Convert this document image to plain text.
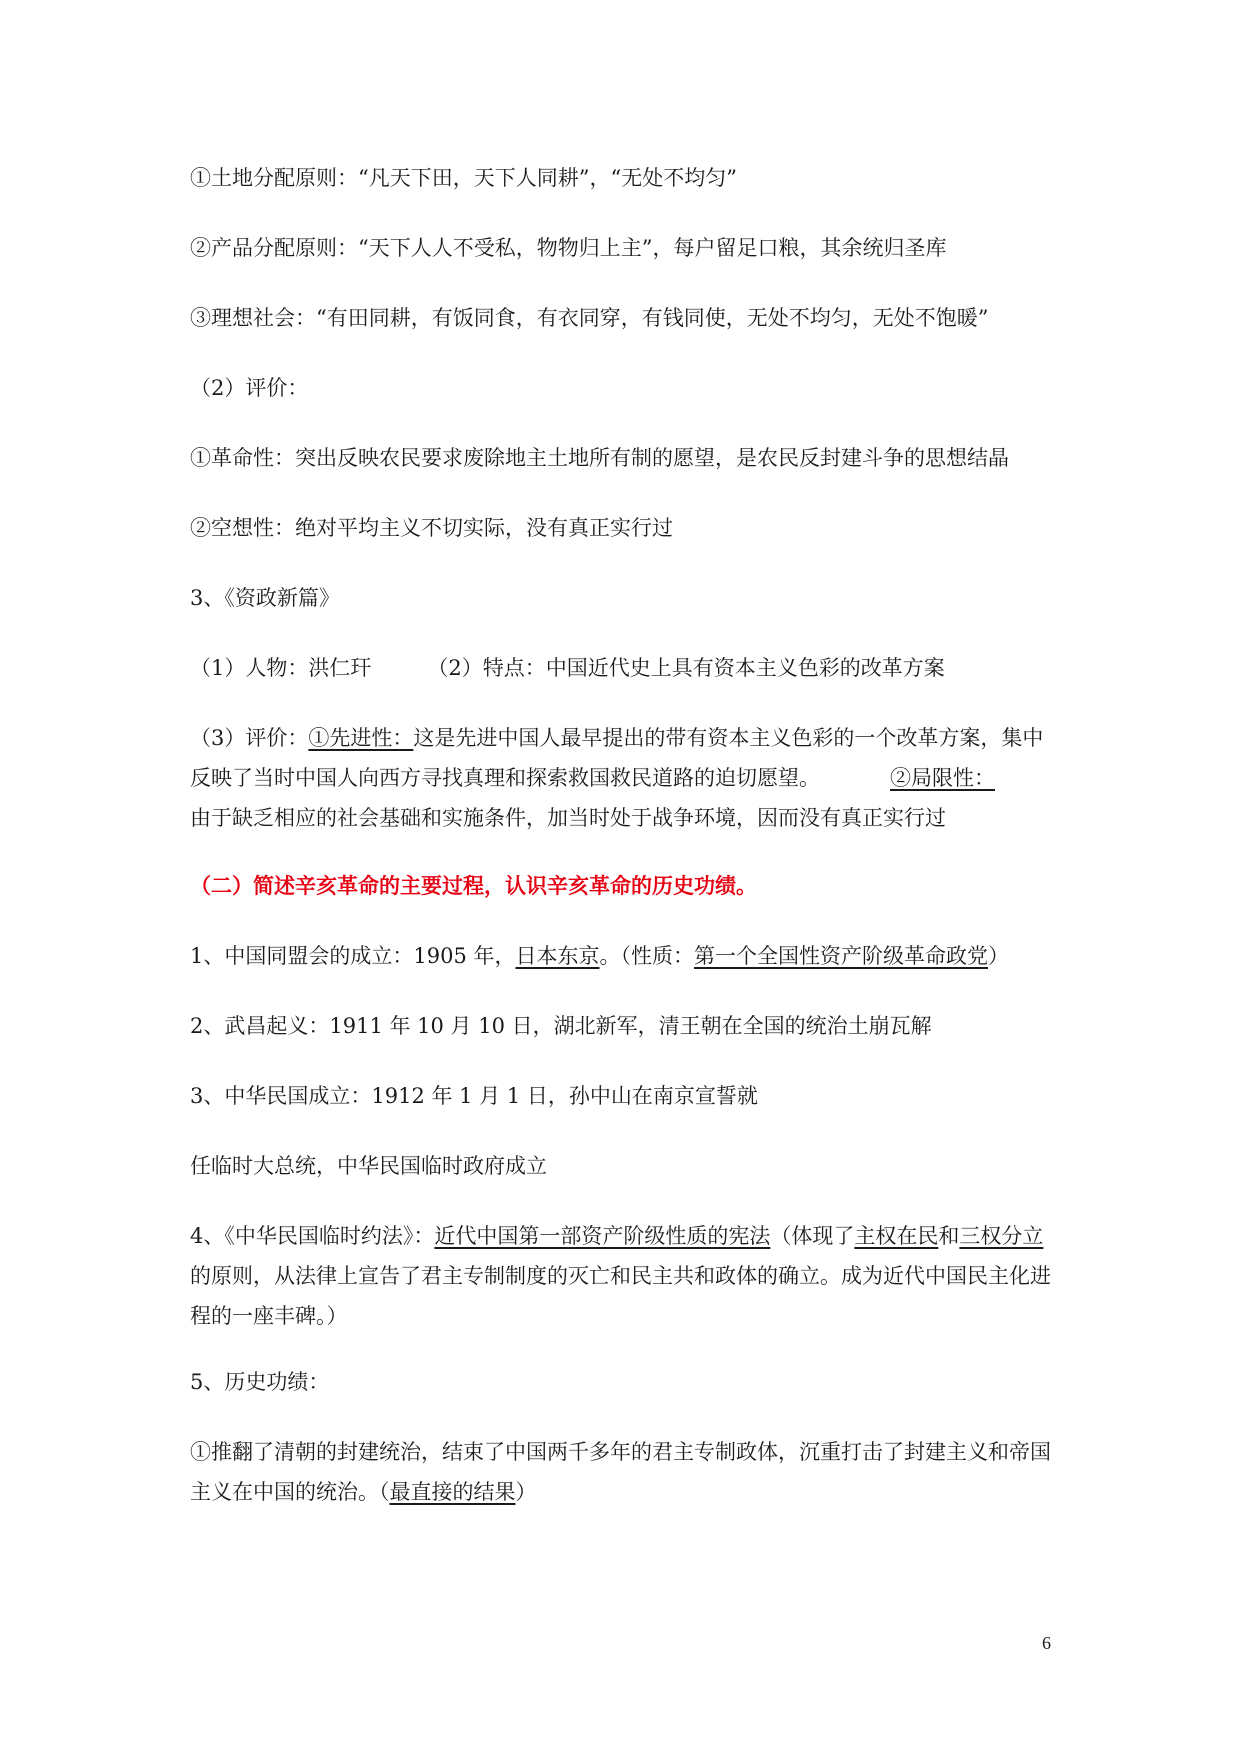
①土地分配原则：“凡天下田，天下人同耕”，“无处不均匀”
②产品分配原则：“天下人人不受私，物物归上主”，每户留足口粮，其余统归圣库
③理想社会：“有田同耕，有饭同食，有衣同穿，有钱同使，无处不均匀，无处不饱暖”
（2）评价：
①革命性：突出反映农民要求废除地主土地所有制的愿望，是农民反封建斗争的思想结晶
②空想性：绝对平均主义不切实际，没有真正实行过
3、《资政新篇》
（1）人物：洪仁玕	（2）特点：中国近代史上具有资本主义色彩的改革方案
（3）评价：①先进性：这是先进中国人最早提出的带有资本主义色彩的一个改革方案，集中反映了当时中国人向西方寻找真理和探索救国救民道路的迫切愿望。	②局限性：
由于缺乏相应的社会基础和实施条件，加当时处于战争环境，因而没有真正实行过
（二）简述辛亥革命的主要过程，认识辛亥革命的历史功绩。
1、中国同盟会的成立：1905 年，日本东京。（性质：第一个全国性资产阶级革命政党）
2、武昌起义：1911 年 10 月 10 日，湖北新军，清王朝在全国的统治土崩瓦解
3、中华民国成立：1912 年 1 月 1 日，孙中山在南京宣誓就
任临时大总统，中华民国临时政府成立
4、《中华民国临时约法》：近代中国第一部资产阶级性质的宪法（体现了主权在民和三权分立的原则，从法律上宣告了君主专制制度的灭亡和民主共和政体的确立。成为近代中国民主化进程的一座丰碑。）
5、历史功绩：
①推翻了清朝的封建统治，结束了中国两千多年的君主专制政体，沉重打击了封建主义和帝国主义在中国的统治。（最直接的结果）
6
